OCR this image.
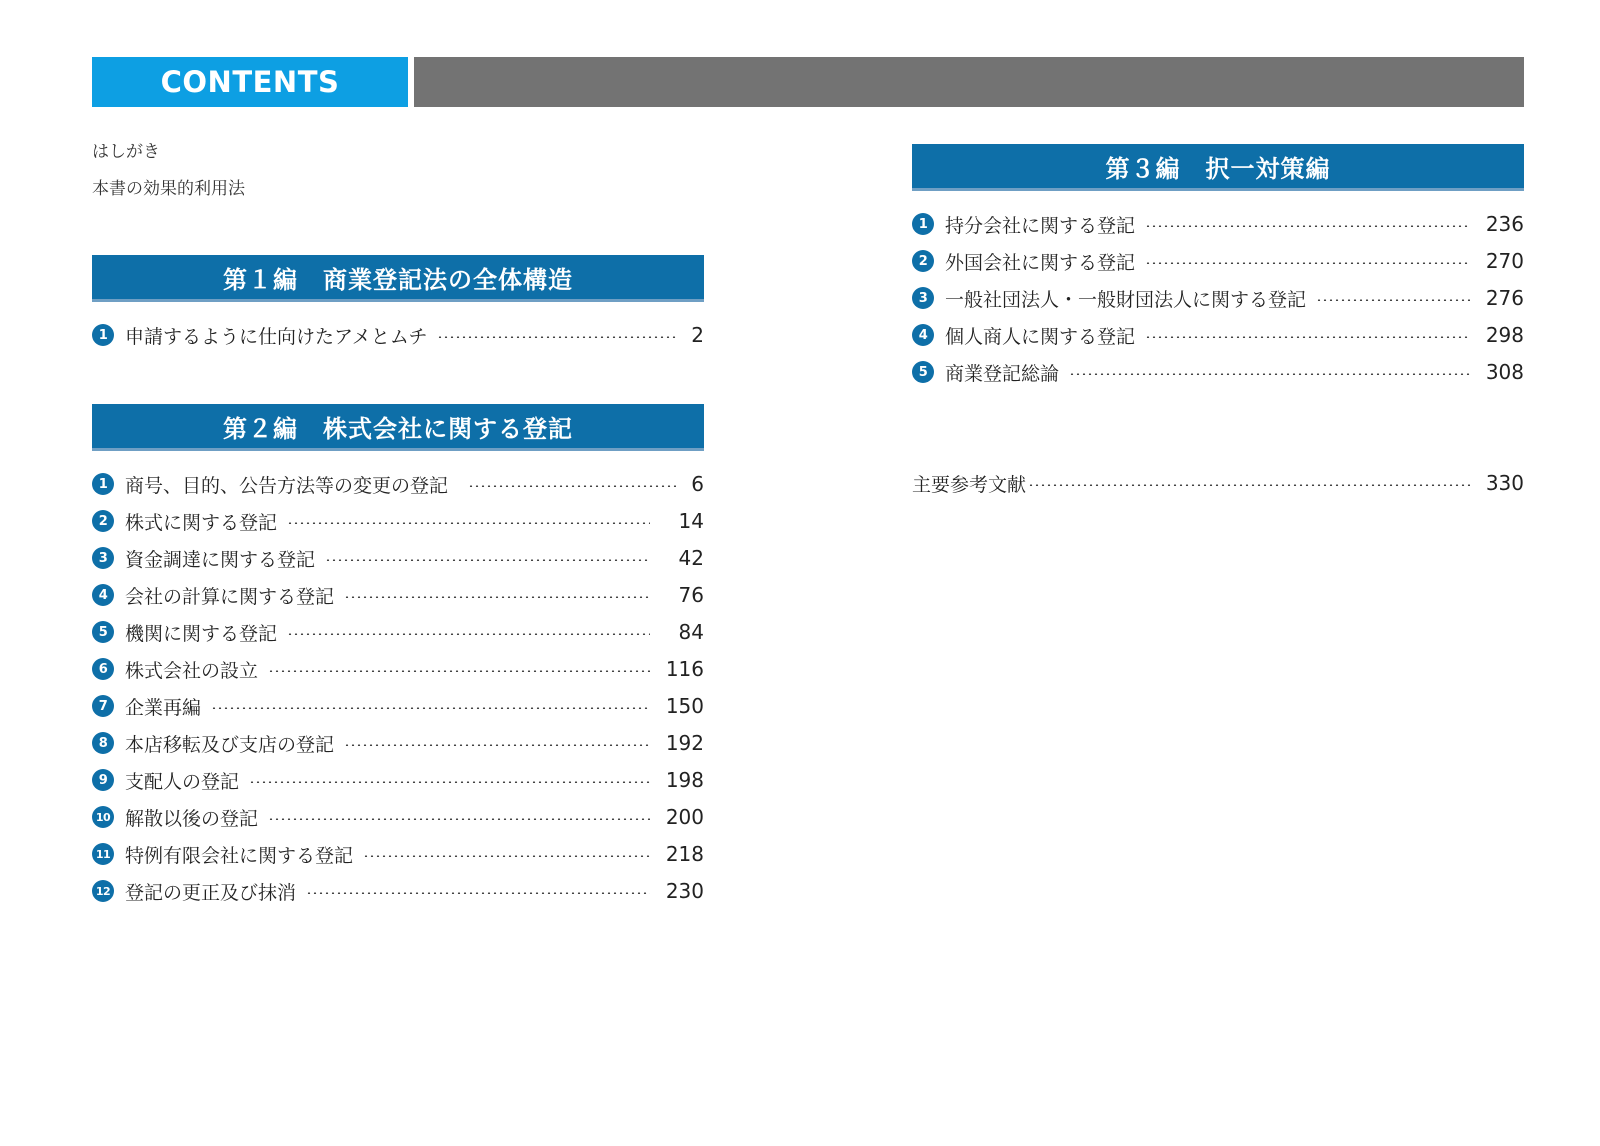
CONTENTS
はしがき
本書の効果的利用法
第１編　商業登記法の全体構造
1 申請するように仕向けたアメとムチ	2
第２編　株式会社に関する登記
1 商号、目的、公告方法等の変更の登記	6
2 株式に関する登記	14
3 資金調達に関する登記	42
4 会社の計算に関する登記	76
5 機関に関する登記	84
6 株式会社の設立	116
7 企業再編	150
8 本店移転及び支店の登記	192
9 支配人の登記	198
10 解散以後の登記	200
11 特例有限会社に関する登記	218
12 登記の更正及び抹消	230
第３編　択一対策編
1 持分会社に関する登記	236
2 外国会社に関する登記	270
3 一般社団法人・一般財団法人に関する登記	276
4 個人商人に関する登記	298
5 商業登記総論	308
主要参考文献	330
